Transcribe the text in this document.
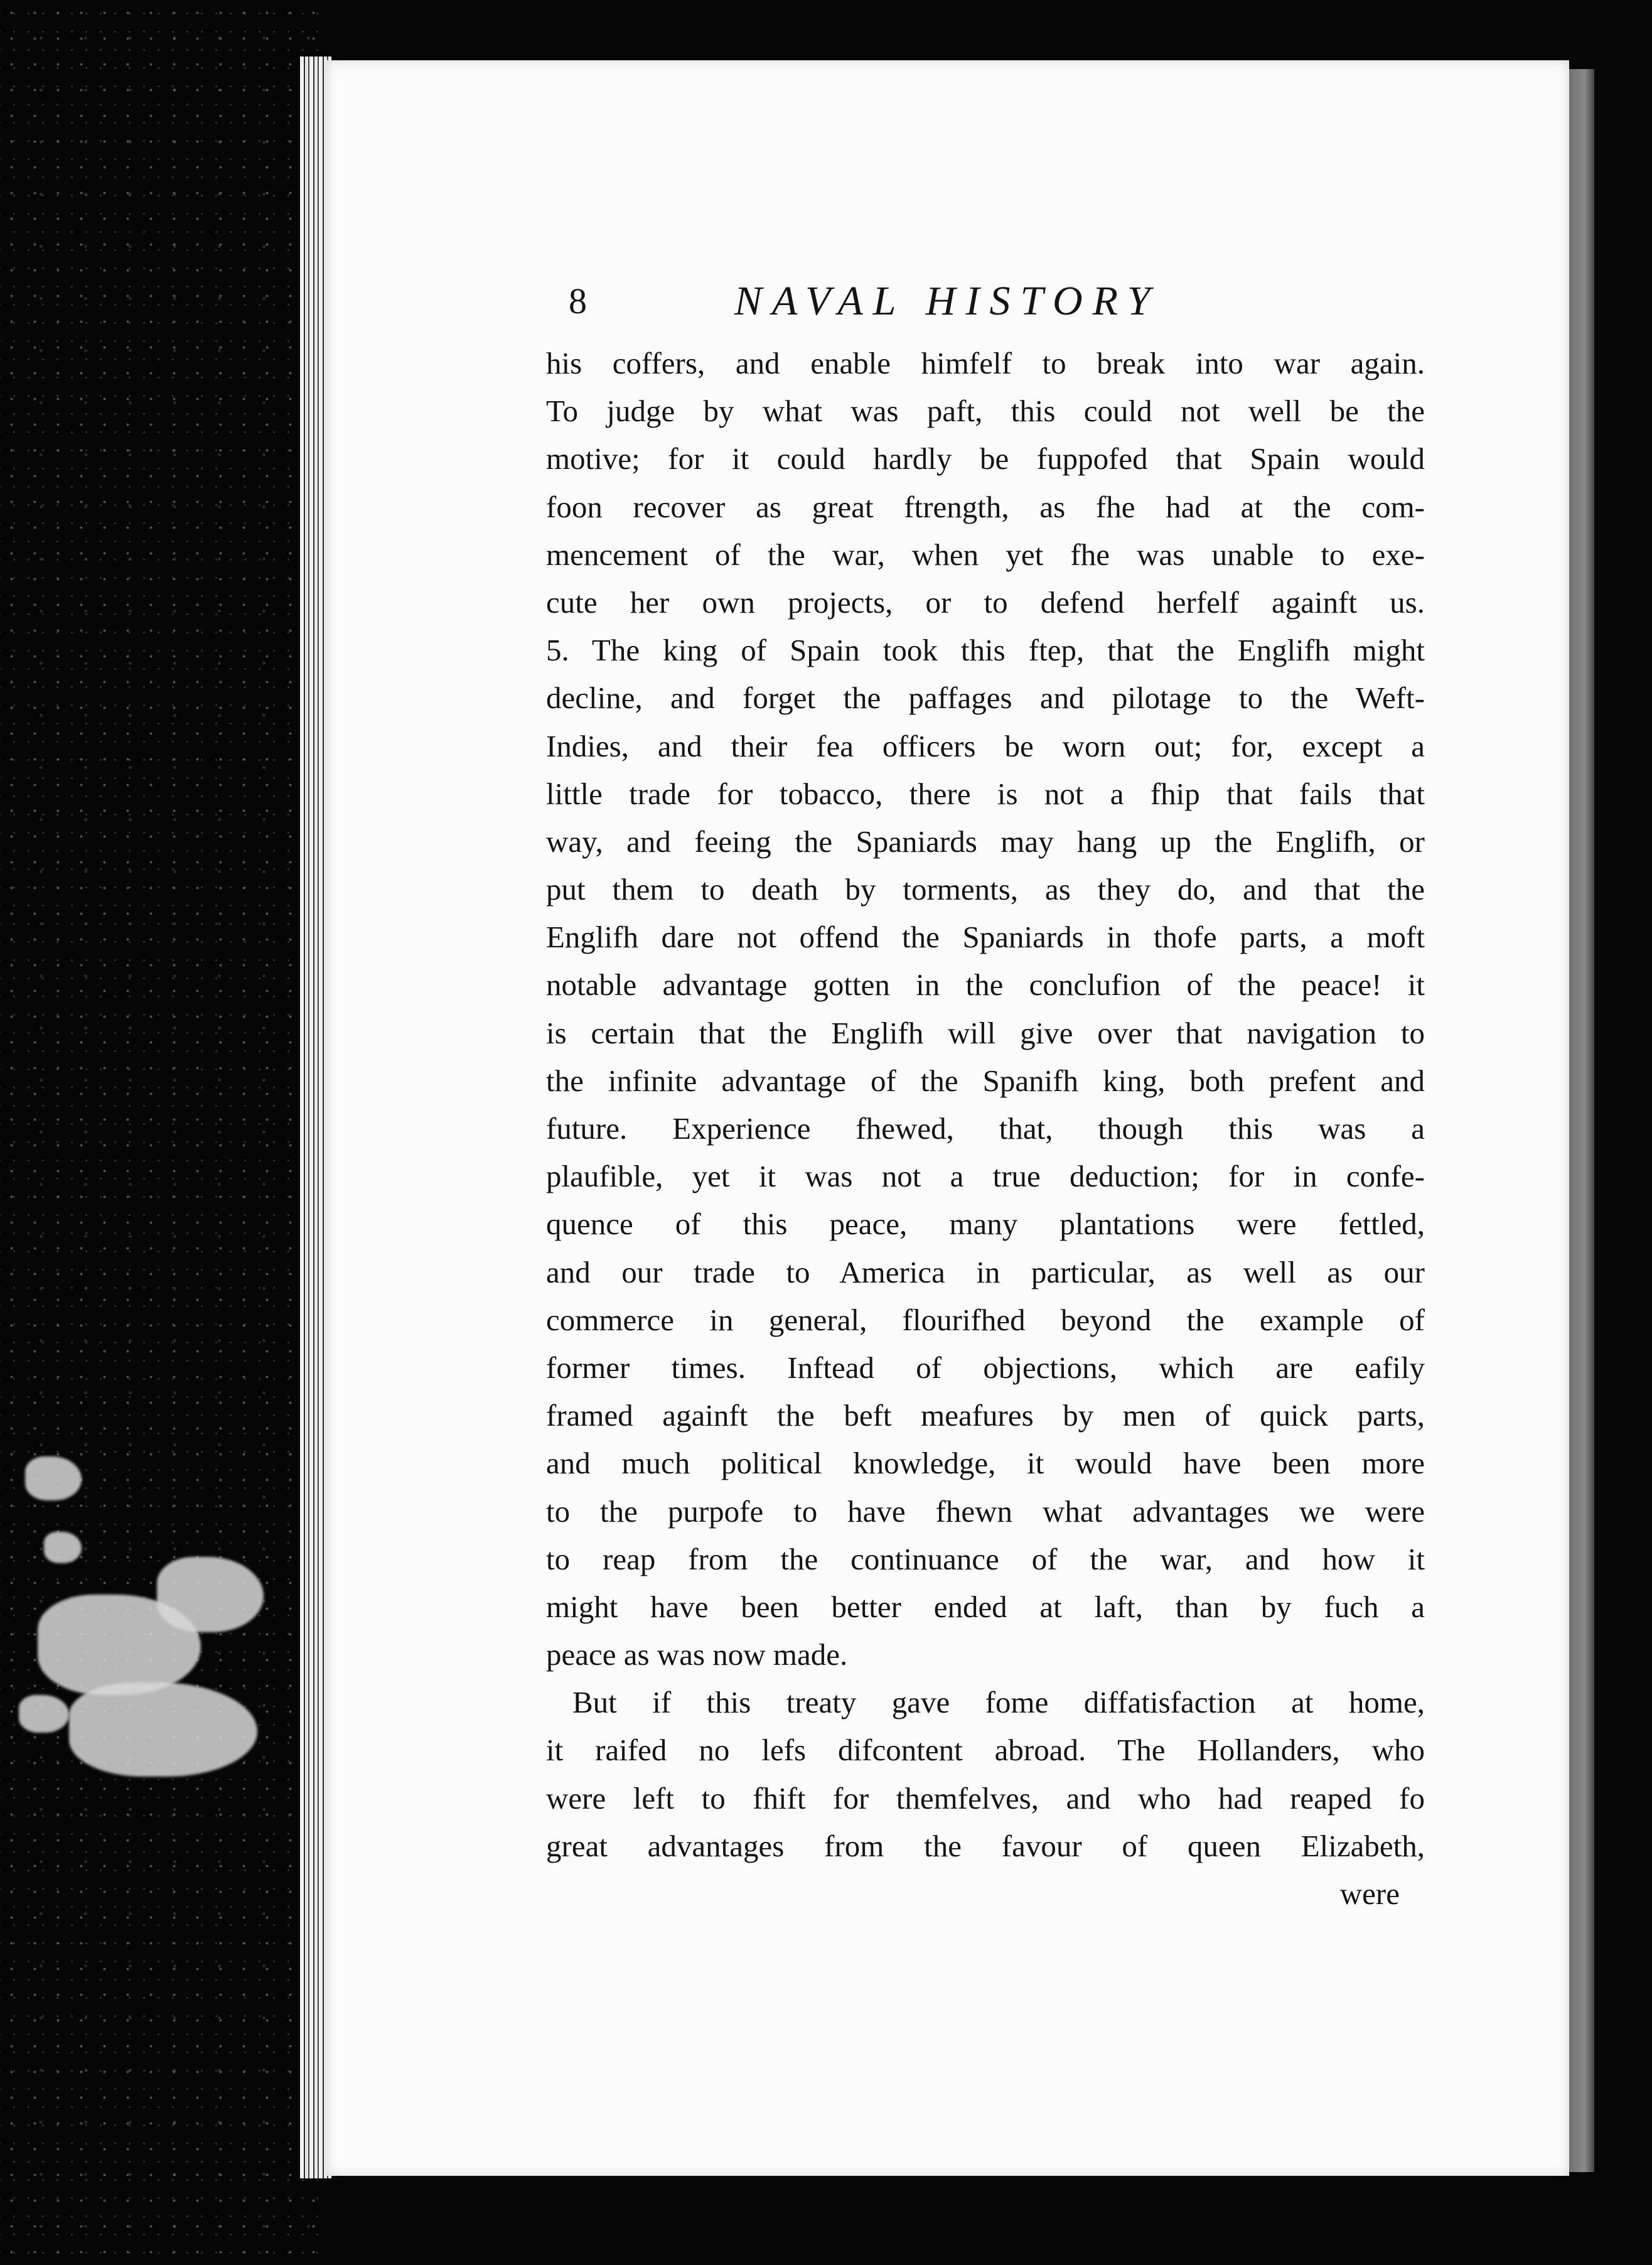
8	NAVAL HISTORY
his coffers, and enable himfelf to break into war again.
To judge by what was paft, this could not well be the
motive; for it could hardly be fuppofed that Spain would
foon recover as great ftrength, as fhe had at the com-
mencement of the war, when yet fhe was unable to exe-
cute her own projects, or to defend herfelf againft us.
5. The king of Spain took this ftep, that the Englifh might
decline, and forget the paffages and pilotage to the Weft-
Indies, and their fea officers be worn out; for, except a
little trade for tobacco, there is not a fhip that fails that
way, and feeing the Spaniards may hang up the Englifh, or
put them to death by torments, as they do, and that the
Englifh dare not offend the Spaniards in thofe parts, a moft
notable advantage gotten in the conclufion of the peace! it
is certain that the Englifh will give over that navigation to
the infinite advantage of the Spanifh king, both prefent and
future. Experience fhewed, that, though this was a
plaufible, yet it was not a true deduction; for in confe-
quence of this peace, many plantations were fettled,
and our trade to America in particular, as well as our
commerce in general, flourifhed beyond the example of
former times. Inftead of objections, which are eafily
framed againft the beft meafures by men of quick parts,
and much political knowledge, it would have been more
to the purpofe to have fhewn what advantages we were
to reap from the continuance of the war, and how it
might have been better ended at laft, than by fuch a
peace as was now made.
But if this treaty gave fome diffatisfaction at home,
it raifed no lefs difcontent abroad. The Hollanders, who
were left to fhift for themfelves, and who had reaped fo
great advantages from the favour of queen Elizabeth,
were
